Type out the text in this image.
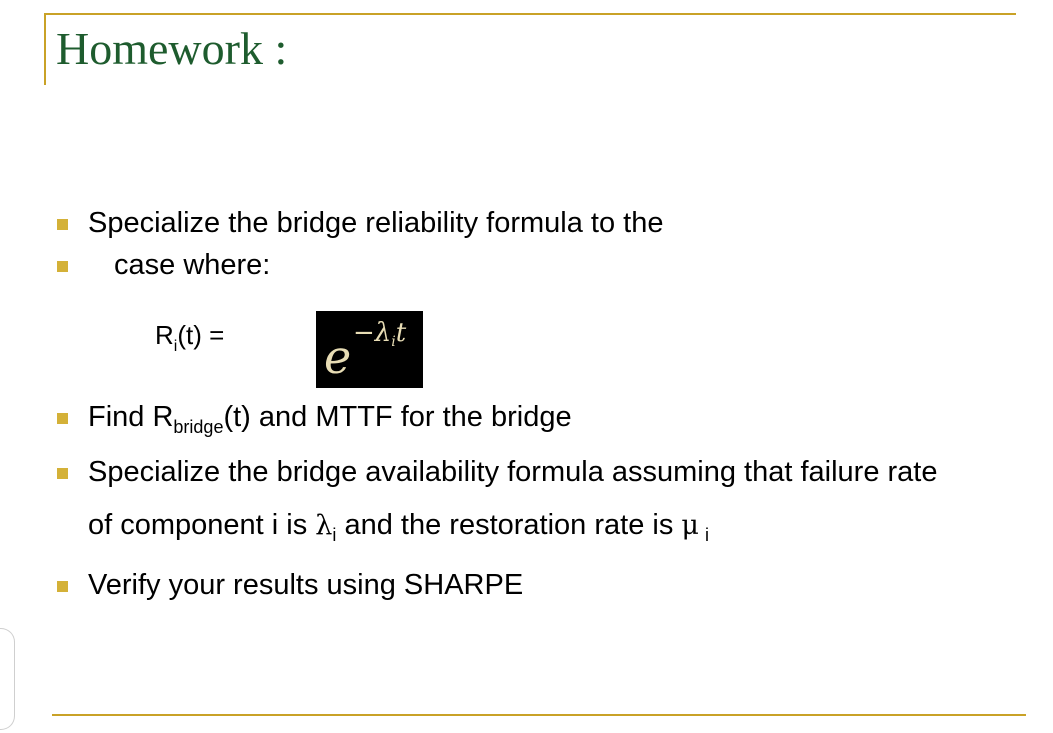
Homework :
Specialize the bridge reliability formula to the
case where:
$R_i(t) = e -\lambda_it$
Find $R_{bridge}(t)$ and MTTF for the bridge
Specialize the bridge availability formula assuming that failure rate
of component i is $\lambda_i$ and the restoration rate is μ $_i$
Verify your results using SHARPE
